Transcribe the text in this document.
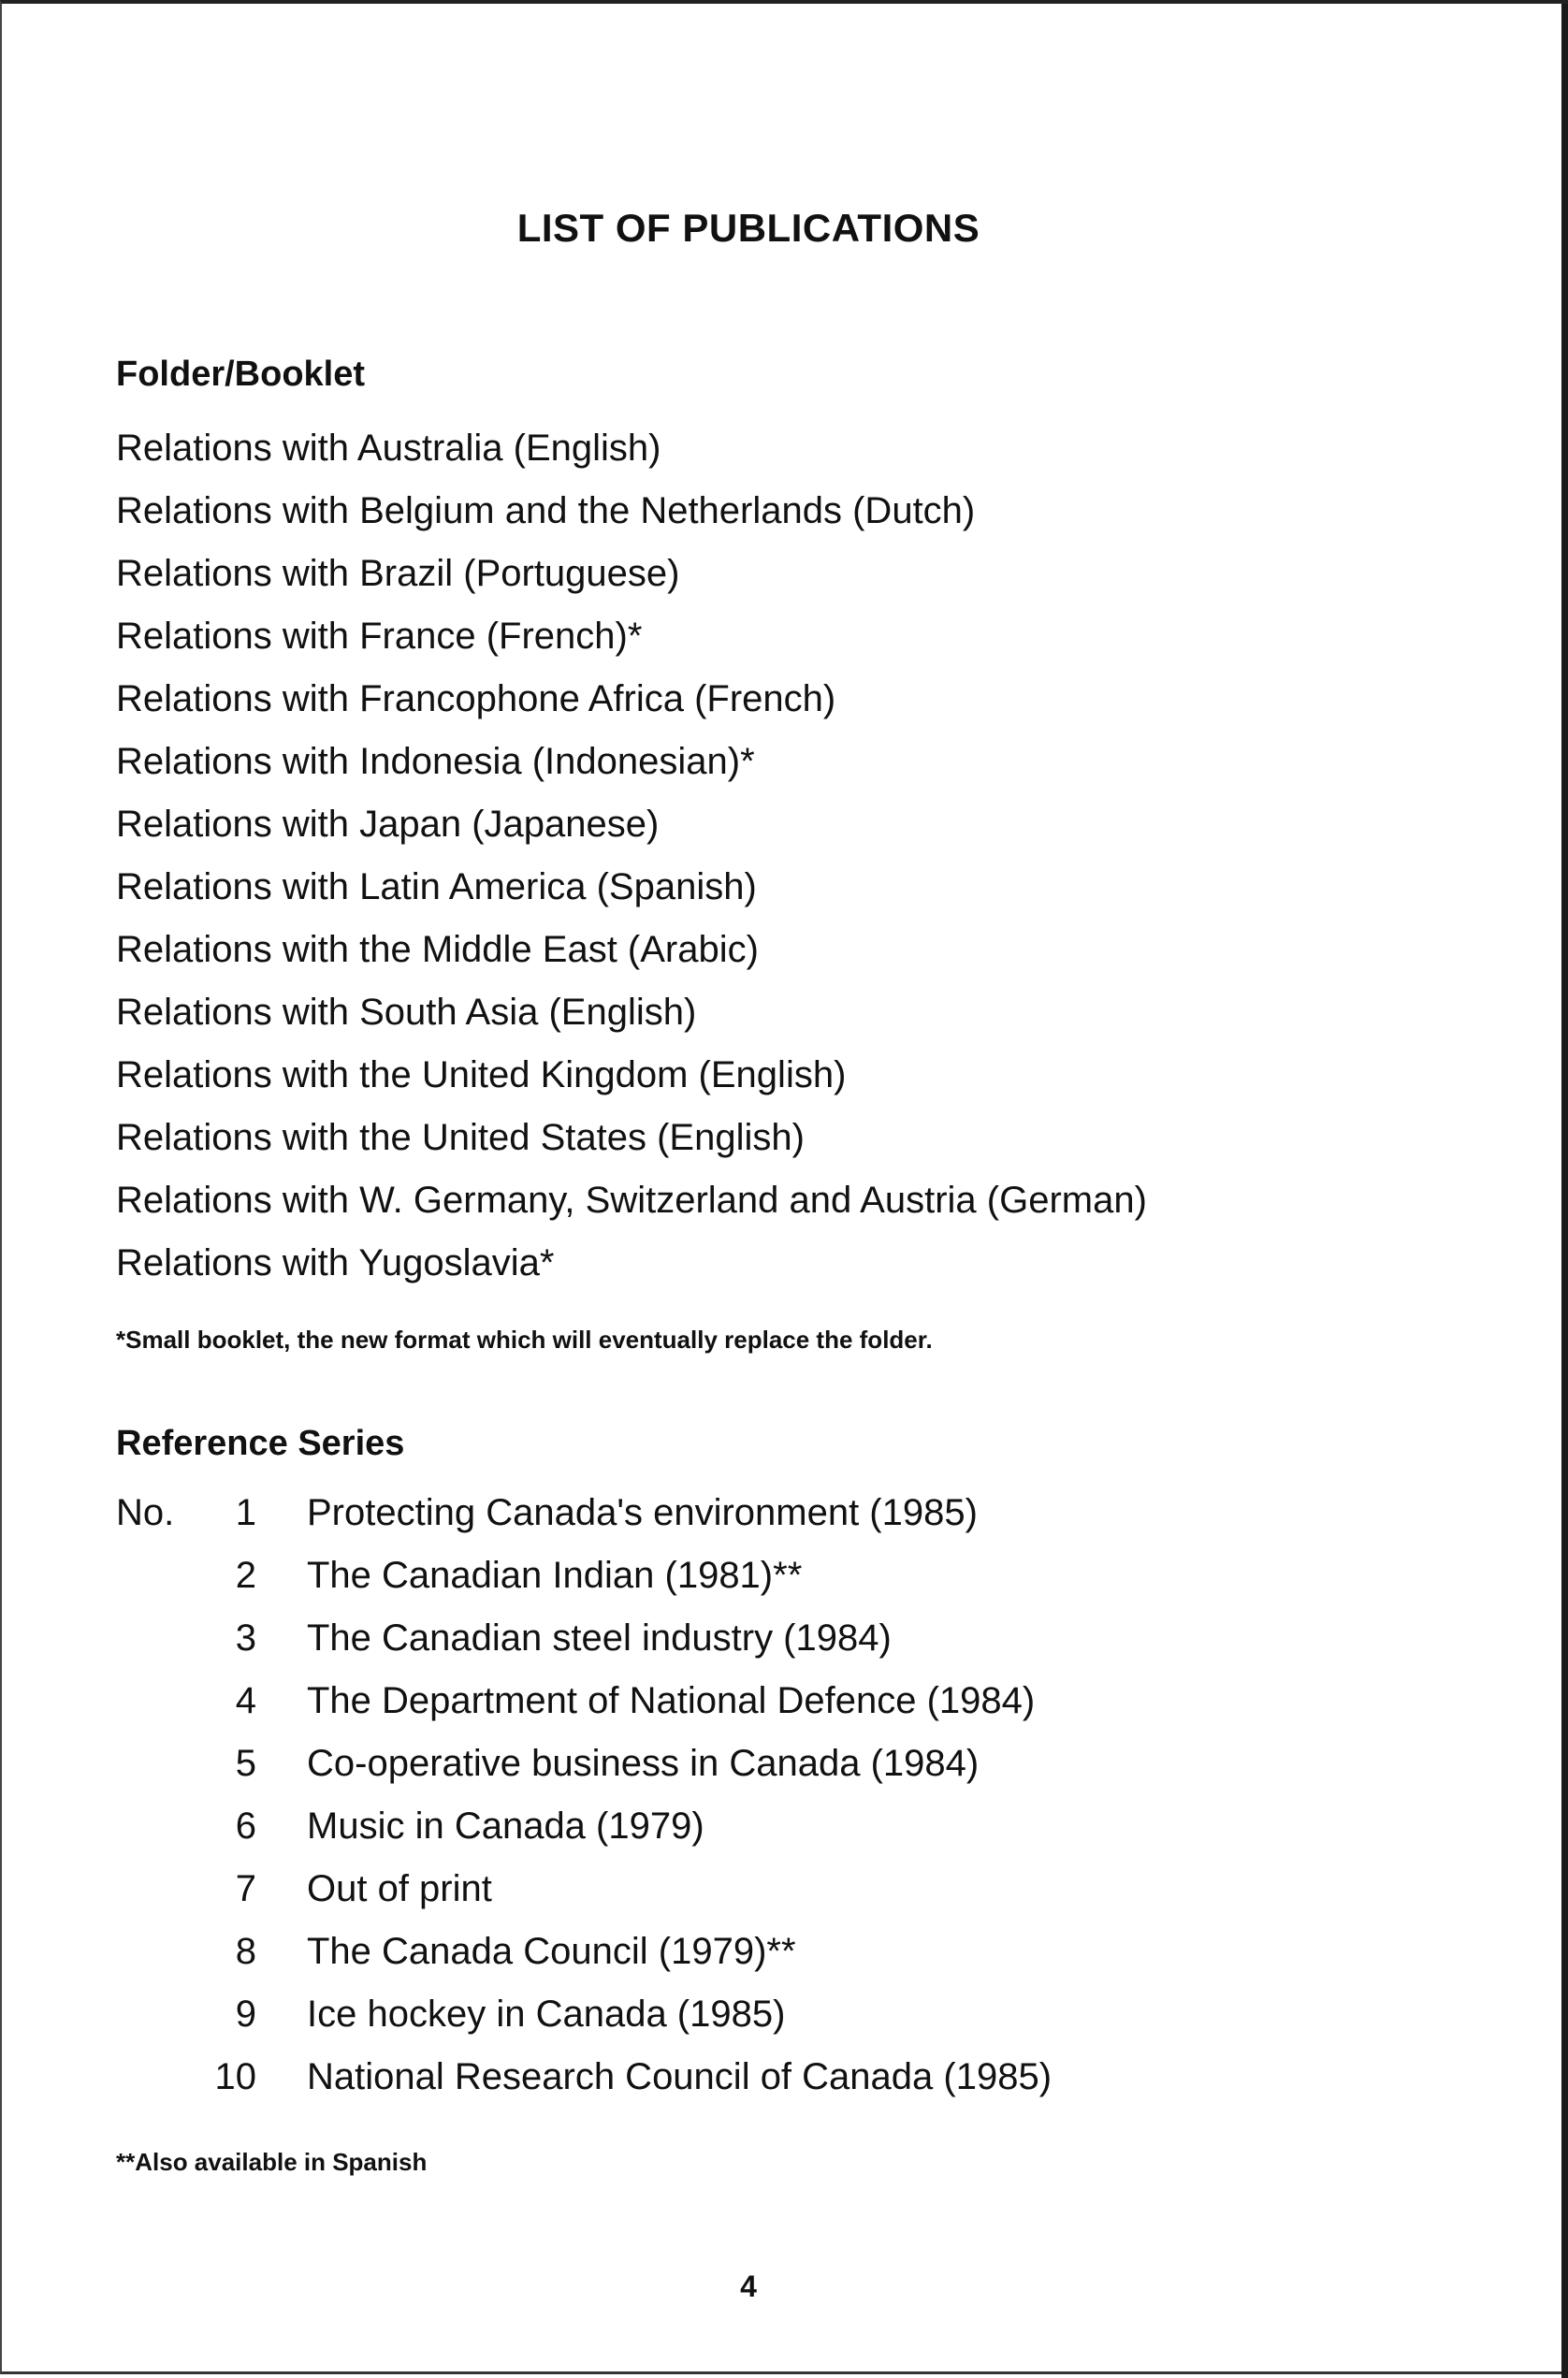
LIST OF PUBLICATIONS
Folder/Booklet
Relations with Australia (English)
Relations with Belgium and the Netherlands (Dutch)
Relations with Brazil (Portuguese)
Relations with France (French)*
Relations with Francophone Africa (French)
Relations with Indonesia (Indonesian)*
Relations with Japan (Japanese)
Relations with Latin America (Spanish)
Relations with the Middle East (Arabic)
Relations with South Asia (English)
Relations with the United Kingdom (English)
Relations with the United States (English)
Relations with W. Germany, Switzerland and Austria (German)
Relations with Yugoslavia*
*Small booklet, the new format which will eventually replace the folder.
Reference Series
No. 1 Protecting Canada's environment (1985)
2 The Canadian Indian (1981)**
3 The Canadian steel industry (1984)
4 The Department of National Defence (1984)
5 Co-operative business in Canada (1984)
6 Music in Canada (1979)
7 Out of print
8 The Canada Council (1979)**
9 Ice hockey in Canada (1985)
10 National Research Council of Canada (1985)
**Also available in Spanish
4
